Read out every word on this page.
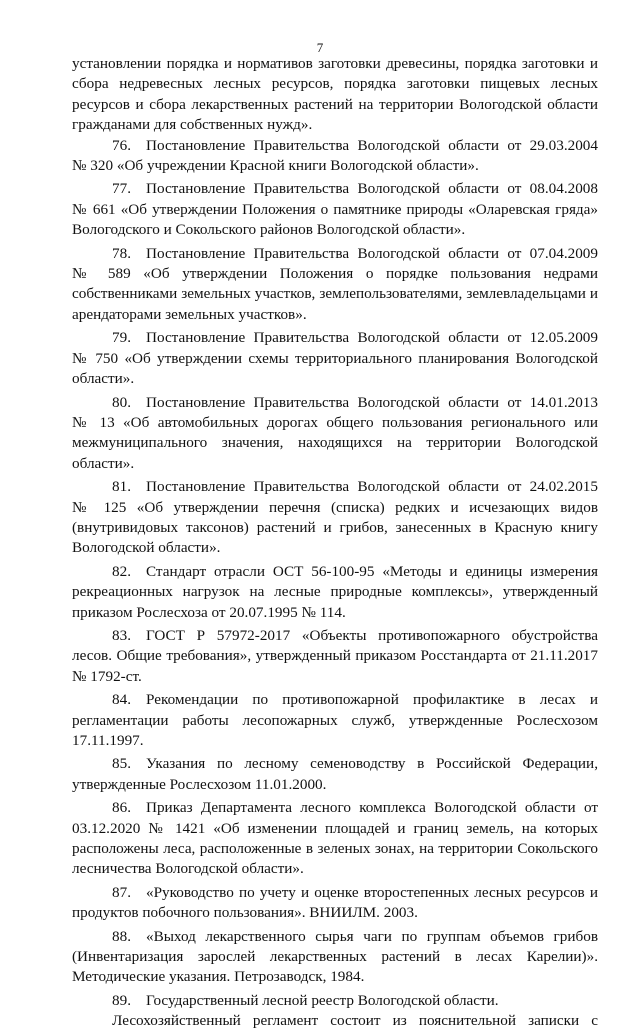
7
установлении порядка и нормативов заготовки древесины, порядка заготовки и
сбора недревесных лесных ресурсов, порядка заготовки пищевых лесных
ресурсов и сбора лекарственных растений на территории Вологодской области
гражданами для собственных нужд».
76. Постановление Правительства Вологодской области от 29.03.2004
№ 320 «Об учреждении Красной книги Вологодской области».
77. Постановление Правительства Вологодской области от 08.04.2008
№ 661 «Об утверждении Положения о памятнике природы «Оларевская гряда»
Вологодского и Сокольского районов Вологодской области».
78. Постановление Правительства Вологодской области от 07.04.2009
№ 589 «Об утверждении Положения о порядке пользования недрами
собственниками земельных участков, землепользователями, землевладельцами и
арендаторами земельных участков».
79. Постановление Правительства Вологодской области от 12.05.2009
№ 750 «Об утверждении схемы территориального планирования Вологодской
области».
80. Постановление Правительства Вологодской области от 14.01.2013
№ 13 «Об автомобильных дорогах общего пользования регионального или
межмуниципального значения, находящихся на территории Вологодской
области».
81. Постановление Правительства Вологодской области от 24.02.2015
№ 125 «Об утверждении перечня (списка) редких и исчезающих видов
(внутривидовых таксонов) растений и грибов, занесенных в Красную книгу
Вологодской области».
82. Стандарт отрасли ОСТ 56-100-95 «Методы и единицы измерения
рекреационных нагрузок на лесные природные комплексы», утвержденный
приказом Рослесхоза от 20.07.1995 № 114.
83. ГОСТ Р 57972-2017 «Объекты противопожарного обустройства
лесов. Общие требования», утвержденный приказом Росстандарта от 21.11.2017
№ 1792-ст.
84. Рекомендации по противопожарной профилактике в лесах и
регламентации работы лесопожарных служб, утвержденные Рослесхозом
17.11.1997.
85. Указания по лесному семеноводству в Российской Федерации,
утвержденные Рослесхозом 11.01.2000.
86. Приказ Департамента лесного комплекса Вологодской области от
03.12.2020 № 1421 «Об изменении площадей и границ земель, на которых
расположены леса, расположенные в зеленых зонах, на территории Сокольского
лесничества Вологодской области».
87. «Руководство по учету и оценке второстепенных лесных ресурсов и
продуктов побочного пользования». ВНИИЛМ. 2003.
88. «Выход лекарственного сырья чаги по группам объемов грибов
(Инвентаризация зарослей лекарственных растений в лесах Карелии)».
Методические указания. Петрозаводск, 1984.
89. Государственный лесной реестр Вологодской области.
Лесохозяйственный регламент состоит из пояснительной записки с
